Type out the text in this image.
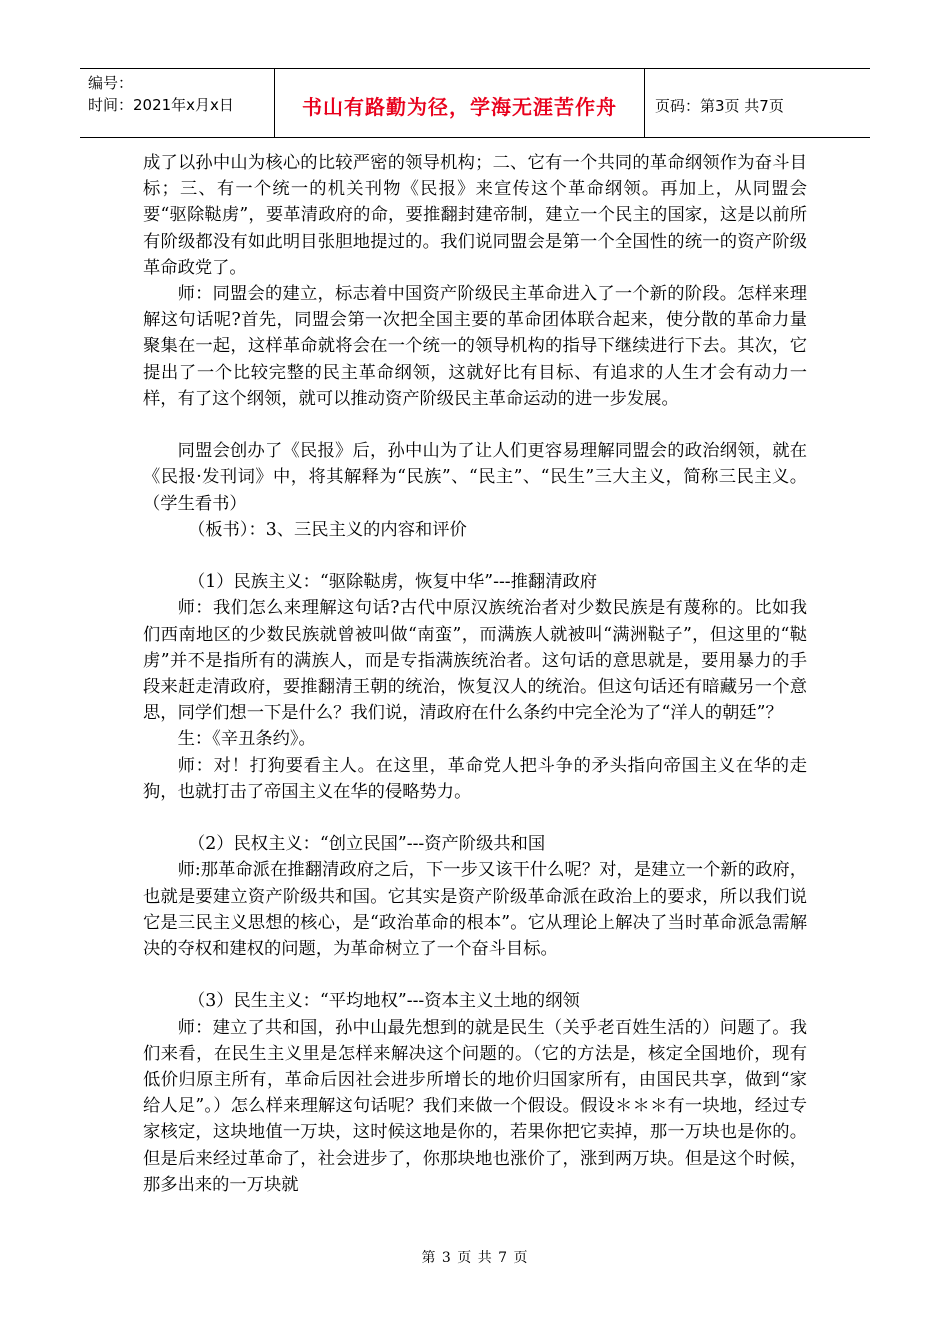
编号：
时间：2021年x月x日	书山有路勤为径，学海无涯苦作舟	页码：第3页 共7页

成了以孙中山为核心的比较严密的领导机构；二、它有一个共同的革命纲领作为奋斗目标；三、有一个统一的机关刊物《民报》来宣传这个革命纲领。再加上，从同盟会要“驱除鞑虏”，要革清政府的命，要推翻封建帝制，建立一个民主的国家，这是以前所有阶级都没有如此明目张胆地提过的。我们说同盟会是第一个全国性的统一的资产阶级革命政党了。

师：同盟会的建立，标志着中国资产阶级民主革命进入了一个新的阶段。怎样来理解这句话呢?首先，同盟会第一次把全国主要的革命团体联合起来，使分散的革命力量聚集在一起，这样革命就将会在一个统一的领导机构的指导下继续进行下去。其次，它提出了一个比较完整的民主革命纲领，这就好比有目标、有追求的人生才会有动力一样，有了这个纲领，就可以推动资产阶级民主革命运动的进一步发展。

同盟会创办了《民报》后，孙中山为了让人们更容易理解同盟会的政治纲领，就在《民报·发刊词》中，将其解释为“民族”、“民主”、“民生”三大主义，简称三民主义。（学生看书）

（板书）：3、三民主义的内容和评价

（1）民族主义：“驱除鞑虏，恢复中华”---推翻清政府

师：我们怎么来理解这句话?古代中原汉族统治者对少数民族是有蔑称的。比如我们西南地区的少数民族就曾被叫做“南蛮”，而满族人就被叫“满洲鞑子”，但这里的“鞑虏”并不是指所有的满族人，而是专指满族统治者。这句话的意思就是，要用暴力的手段来赶走清政府，要推翻清王朝的统治，恢复汉人的统治。但这句话还有暗藏另一个意思，同学们想一下是什么？我们说，清政府在什么条约中完全沦为了“洋人的朝廷”？

生：《辛丑条约》。

师：对！打狗要看主人。在这里，革命党人把斗争的矛头指向帝国主义在华的走狗，也就打击了帝国主义在华的侵略势力。

（2）民权主义：“创立民国”---资产阶级共和国

师:那革命派在推翻清政府之后，下一步又该干什么呢？对，是建立一个新的政府，也就是要建立资产阶级共和国。它其实是资产阶级革命派在政治上的要求，所以我们说它是三民主义思想的核心，是“政治革命的根本”。它从理论上解决了当时革命派急需解决的夺权和建权的问题，为革命树立了一个奋斗目标。

（3）民生主义：“平均地权”---资本主义土地的纲领

师：建立了共和国，孙中山最先想到的就是民生（关乎老百姓生活的）问题了。我们来看，在民生主义里是怎样来解决这个问题的。（它的方法是，核定全国地价，现有低价归原主所有，革命后因社会进步所增长的地价归国家所有，由国民共享，做到“家给人足”。）怎么样来理解这句话呢？我们来做一个假设。假设＊＊＊有一块地，经过专家核定，这块地值一万块，这时候这地是你的，若果你把它卖掉，那一万块也是你的。但是后来经过革命了，社会进步了，你那块地也涨价了，涨到两万块。但是这个时候，那多出来的一万块就

第 3 页 共 7 页
